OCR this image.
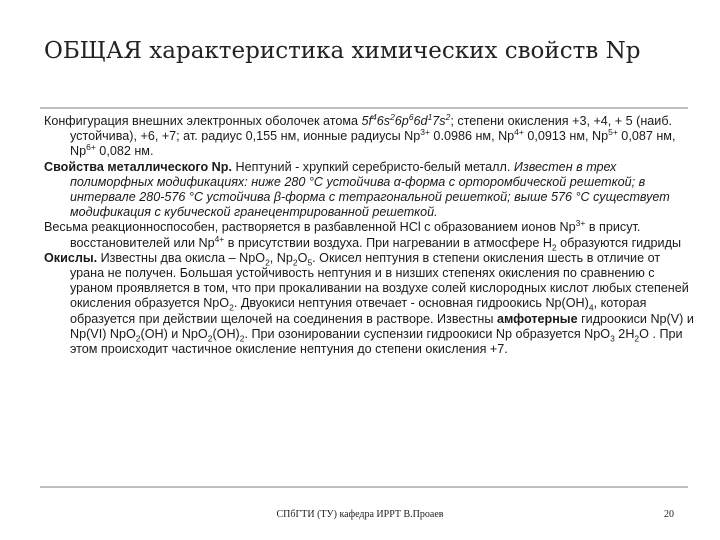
ОБЩАЯ характеристика химических свойств Np

Конфигурация внешних электронных оболочек атома $5f^46s^26p^66d^17s^2$; степени окисления +3, +4, + 5 (наиб. устойчива), +6, +7; ат. радиус 0,155 нм, ионные радиусы $Np^{3+}$ 0.0986 нм, $Np^{4+}$ 0,0913 нм, $Np^{5+}$ 0,087 нм, $Np^{6+}$ 0,082 нм.

Свойства металлического Np. Нептуний - хрупкий серебристо-белый металл. Известен в трех полиморфных модификациях: ниже 280 °С устойчива α-форма с орторомбической решеткой; в интервале 280-576 °С устойчива β-форма с тетрагональной решеткой; выше 576 °С существует модификация с кубической гранецентрированной решеткой.

Весьма реакционноспособен, растворяется в разбавленной HCl с образованием ионов $Np^{3+}$ в присут. восстановителей или $Np^{4+}$ в присутствии воздуха. При нагревании в атмосфере $H_2$ образуются гидриды

Окислы. Известны два окисла – NpO$_2$, $Np_2O_5$. Окисел нептуния в степени окисления шесть в отличие от урана не получен. Большая устойчивость нептуния и в низших степенях окисления по сравнению с ураном проявляется в том, что при прокаливании на воздухе солей кислородных кислот любых степеней окисления образуется NpO$_2$. Двуокиси нептуния отвечает - основная гидроокись $Np(OH)_4$, которая образуется при действии щелочей на соединения в растворе. Известны амфотерные гидроокиси Np(V) и Np(VI) NpO$_2$(OH) и $NpO_2(OH)_2$. При озонировании суспензии гидроокиси Np образуется NpO$_3$ $2H_2O$ . При этом происходит частичное окисление нептуния до степени окисления +7.

СПбГТИ (ТУ) кафедра ИРРТ В.Проаев	20
